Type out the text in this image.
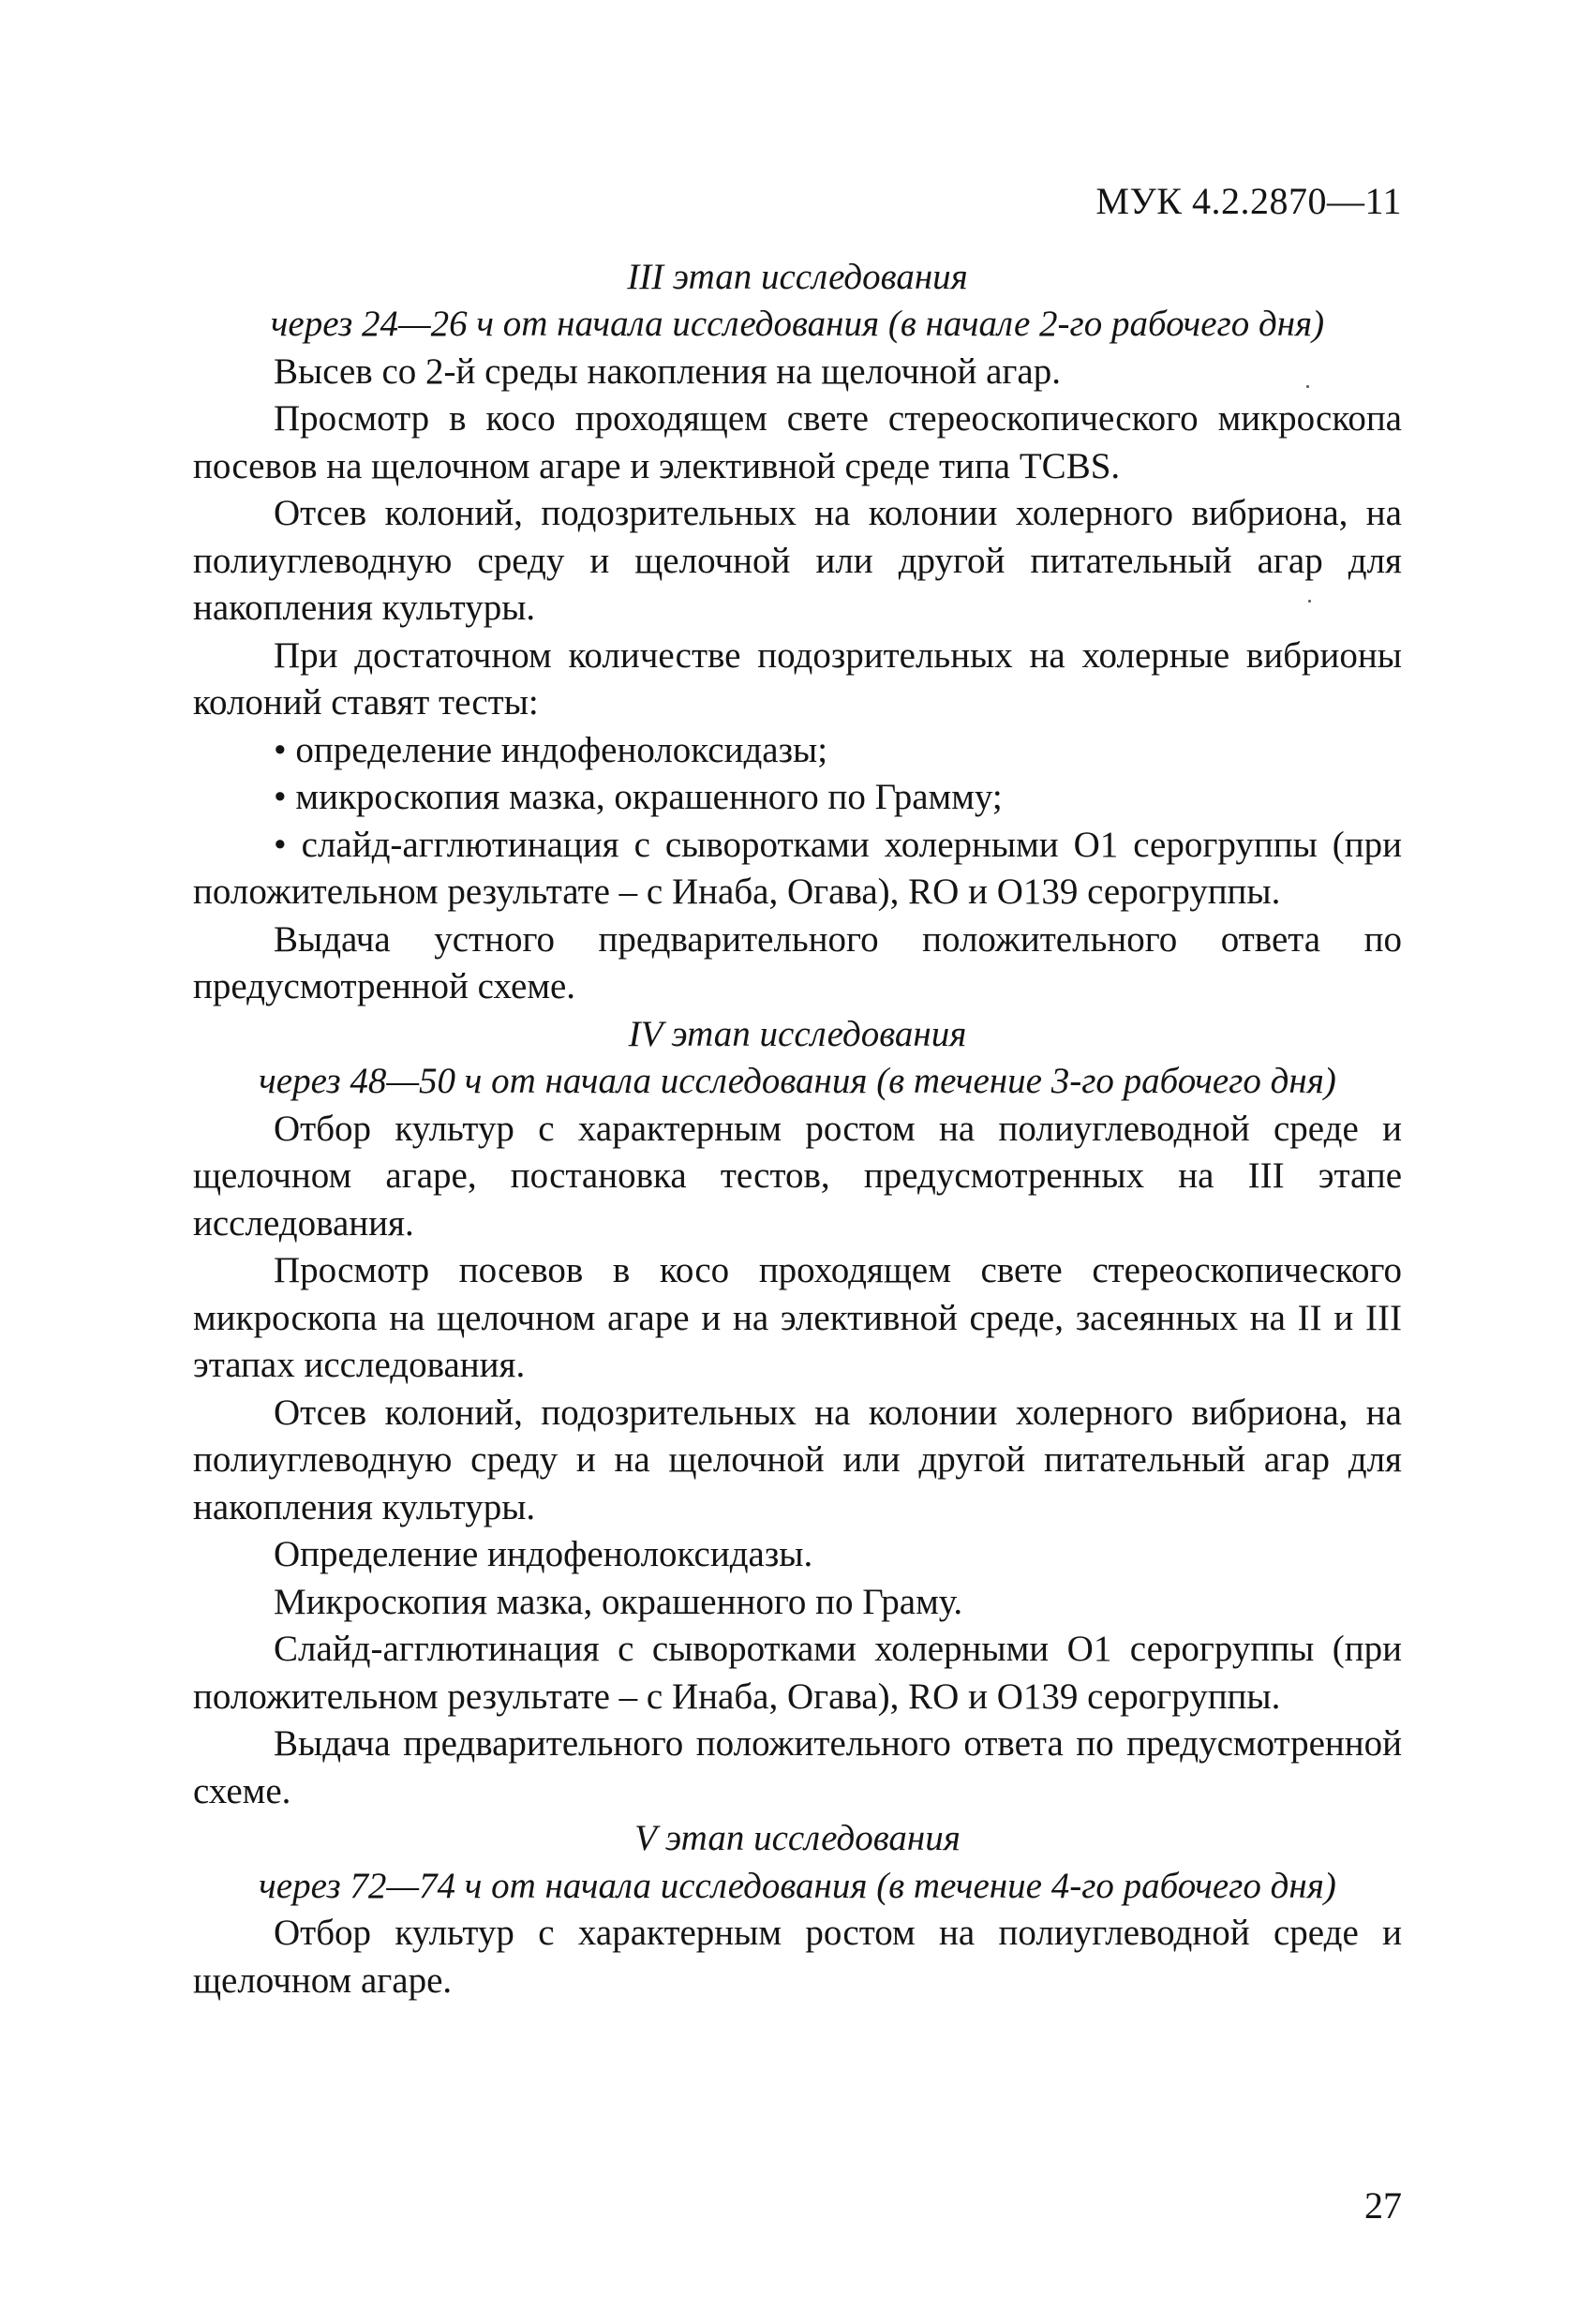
МУК 4.2.2870—11
III этап исследования
через 24—26 ч от начала исследования (в начале 2-го рабочего дня)

Высев со 2-й среды накопления на щелочной агар.

Просмотр в косо проходящем свете стереоскопического микроскопа посевов на щелочном агаре и элективной среде типа TCBS.

Отсев колоний, подозрительных на колонии холерного вибриона, на полиуглеводную среду и щелочной или другой питательный агар для накопления культуры.

При достаточном количестве подозрительных на холерные вибрионы колоний ставят тесты:

• определение индофенолоксидазы;

• микроскопия мазка, окрашенного по Грамму;

• слайд-агглютинация с сыворотками холерными О1 серогруппы (при положительном результате – с Инаба, Огава), RO и О139 серогруппы.

Выдача устного предварительного положительного ответа по предусмотренной схеме.

IV этап исследования
через 48—50 ч от начала исследования (в течение 3-го рабочего дня)

Отбор культур с характерным ростом на полиуглеводной среде и щелочном агаре, постановка тестов, предусмотренных на III этапе исследования.

Просмотр посевов в косо проходящем свете стереоскопического микроскопа на щелочном агаре и на элективной среде, засеянных на II и III этапах исследования.

Отсев колоний, подозрительных на колонии холерного вибриона, на полиуглеводную среду и на щелочной или другой питательный агар для накопления культуры.

Определение индофенолоксидазы.

Микроскопия мазка, окрашенного по Граму.

Слайд-агглютинация с сыворотками холерными О1 серогруппы (при положительном результате – с Инаба, Огава), RO и О139 серогруппы.

Выдача предварительного положительного ответа по предусмотренной схеме.

V этап исследования
через 72—74 ч от начала исследования (в течение 4-го рабочего дня)

Отбор культур с характерным ростом на полиуглеводной среде и щелочном агаре.

27
